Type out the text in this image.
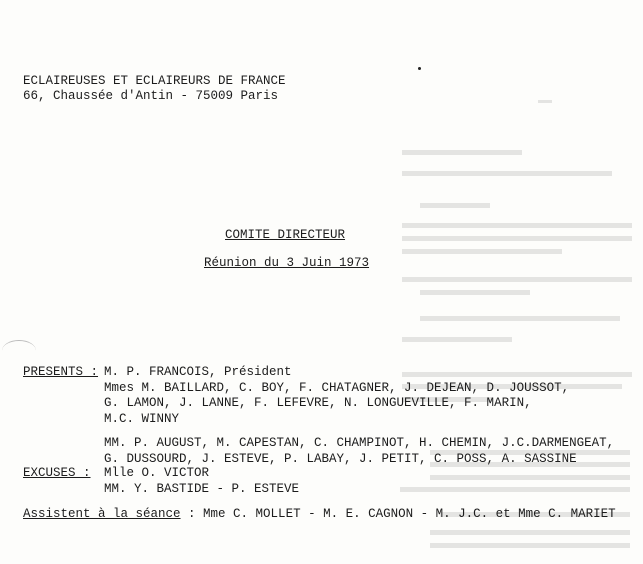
ECLAIREUSES ET ECLAIREURS DE FRANCE
66, Chaussée d'Antin - 75009 Paris
COMITE DIRECTEUR
Réunion du 3 Juin 1973
PRESENTS : M. P. FRANCOIS, Président
Mmes M. BAILLARD, C. BOY, F. CHATAGNER, J. DEJEAN, D. JOUSSOT,
G. LAMON, J. LANNE, F. LEFEVRE, N. LONGUEVILLE, F. MARIN,
M.C. WINNY
MM. P. AUGUST, M. CAPESTAN, C. CHAMPINOT, H. CHEMIN, J.C.DARMENGEAT,
G. DUSSOURD, J. ESTEVE, P. LABAY, J. PETIT, C. POSS, A. SASSINE
EXCUSES : Mlle O. VICTOR
MM. Y. BASTIDE - P. ESTEVE
Assistent à la séance : Mme C. MOLLET - M. E. CAGNON - M. J.C. et Mme C. MARIET
